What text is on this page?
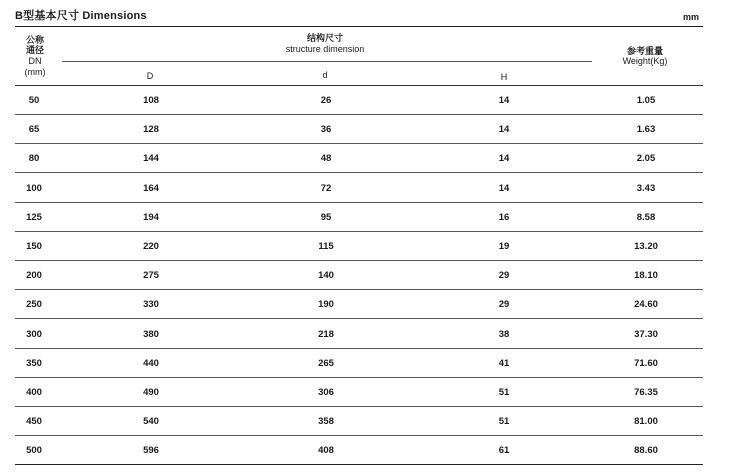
B型基本尺寸 Dimensions	mm
公称
通径
DN
(mm)
结构尺寸
structure dimension
D	d	H
参考重量
Weight(Kg)
50	108	26	14	1.05
65	128	36	14	1.63
80	144	48	14	2.05
100	164	72	14	3.43
125	194	95	16	8.58
150	220	115	19	13.20
200	275	140	29	18.10
250	330	190	29	24.60
300	380	218	38	37.30
350	440	265	41	71.60
400	490	306	51	76.35
450	540	358	51	81.00
500	596	408	61	88.60
